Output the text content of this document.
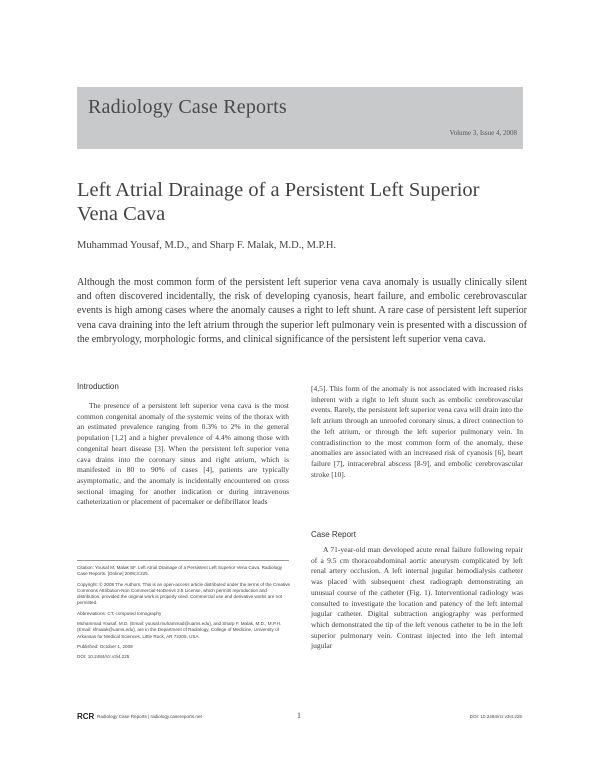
Radiology Case Reports
Volume 3, Issue 4, 2008
Left Atrial Drainage of a Persistent Left Superior Vena Cava
Muhammad Yousaf, M.D., and Sharp F. Malak, M.D., M.P.H.
Although the most common form of the persistent left superior vena cava anomaly is usually clinically silent and often discovered incidentally, the risk of developing cyanosis, heart failure, and embolic cerebrovascular events is high among cases where the anomaly causes a right to left shunt. A rare case of persistent left superior vena cava draining into the left atrium through the superior left pulmonary vein is presented with a discussion of the embryology, morphologic forms, and clinical significance of the persistent left superior vena cava.
Introduction

The presence of a persistent left superior vena cava is the most common congenital anomaly of the systemic veins of the thorax with an estimated prevalence ranging from 0.3% to 2% in the general population [1,2] and a higher prevalence of 4.4% among those with congenital heart disease [3]. When the persistent left superior vena cava drains into the coronary sinus and right atrium, which is manifested in 80 to 90% of cases [4], patients are typically asymptomatic, and the anomaly is incidentally encountered on cross sectional imaging for another indication or during intravenous catheterization or placement of pacemaker or defibrillator leads

Citation: Yousaf M, Malak SF. Left Atrial Drainage of a Persistent Left Superior Vena Cava. Radiology Case Reports. [Online] 2008;3:225.

Copyright: © 2008 The Authors. This is an open-access article distributed under the terms of the Creative Commons Attribution-Non Commercial-NoDerivs 2.5 License, which permits reproduction and distribution, provided the original work is properly cited. Commercial use and derivative works are not permitted.

Abbreviations: CT, computed tomography

Muhammad Yousaf, M.D. (Email: yousaf.muhammad@uams.edu), and Sharp F. Malak, M.D., M.P.H. (Email: sfmalak@uams.edu), are in the Department of Radiology, College of Medicine, University of Arkansas for Medical Sciences, Little Rock, AR 72205, USA.

Published: October 1, 2008

DOI: 10.2484/rcr.v3i4.225

[4,5]. This form of the anomaly is not associated with increased risks inherent with a right to left shunt such as embolic cerebrovascular events. Rarely, the persistent left superior vena cava will drain into the left atrium through an unroofed coronary sinus, a direct connection to the left atrium, or through the left superior pulmonary vein. In contradistinction to the most common form of the anomaly, these anomalies are associated with an increased risk of cyanosis [6], heart failure [7], intracerebral abscess [8-9], and embolic cerebrovascular stroke [10].

Case Report

A 71-year-old man developed acute renal failure following repair of a 9.5 cm thoracoabdominal aortic aneurysm complicated by left renal artery occlusion. A left internal jugular hemodialysis catheter was placed with subsequent chest radiograph demonstrating an unusual course of the catheter (Fig. 1). Interventional radiology was consulted to investigate the location and patency of the left internal jugular catheter. Digital subtraction angiography was performed which demonstrated the tip of the left venous catheter to be in the left superior pulmonary vein. Contrast injected into the left internal jugular

RCR Radiology Case Reports | radiology.casereports.net	1	DOI: 10.2484/rcr.v3i4.225
